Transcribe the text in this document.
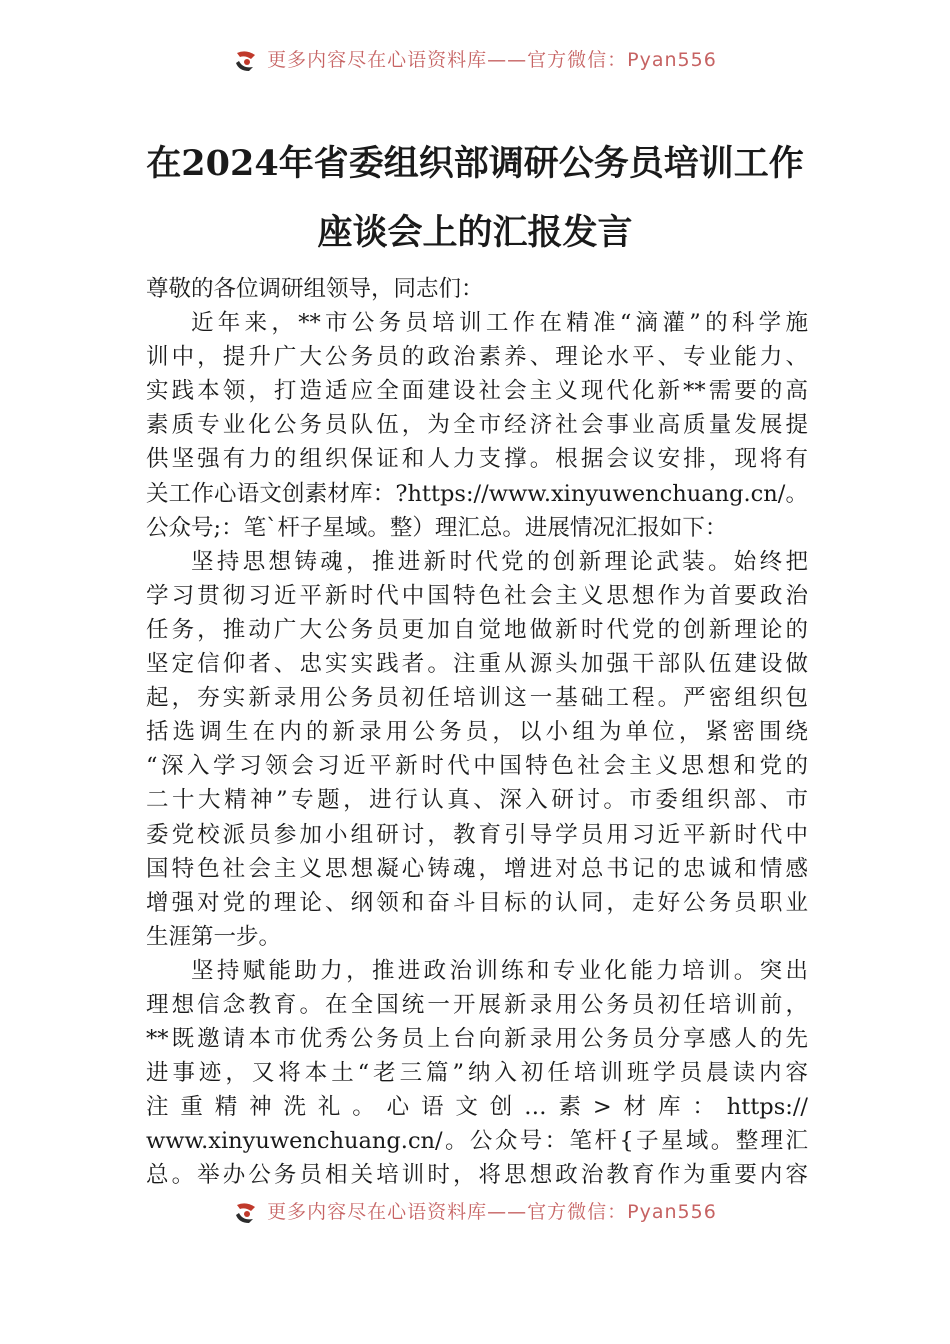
更多内容尽在心语资料库——官方微信：Pyan556
在2024年省委组织部调研公务员培训工作
座谈会上的汇报发言
尊敬的各位调研组领导，同志们：
近年来，**市公务员培训工作在精准“滴灌”的科学施
训中，提升广大公务员的政治素养、理论水平、专业能力、
实践本领，打造适应全面建设社会主义现代化新**需要的高
素质专业化公务员队伍，为全市经济社会事业高质量发展提
供坚强有力的组织保证和人力支撑。根据会议安排，现将有
关工作心语文创素材库：?https://www.xinyuwenchuang.cn/。
公众号;：笔`杆子星域。整）理汇总。进展情况汇报如下：
坚持思想铸魂，推进新时代党的创新理论武装。始终把
学习贯彻习近平新时代中国特色社会主义思想作为首要政治
任务，推动广大公务员更加自觉地做新时代党的创新理论的
坚定信仰者、忠实实践者。注重从源头加强干部队伍建设做
起，夯实新录用公务员初任培训这一基础工程。严密组织包
括选调生在内的新录用公务员，以小组为单位，紧密围绕
“深入学习领会习近平新时代中国特色社会主义思想和党的
二十大精神”专题，进行认真、深入研讨。市委组织部、市
委党校派员参加小组研讨，教育引导学员用习近平新时代中
国特色社会主义思想凝心铸魂，增进对总书记的忠诚和情感
增强对党的理论、纲领和奋斗目标的认同，走好公务员职业
生涯第一步。
坚持赋能助力，推进政治训练和专业化能力培训。突出
理想信念教育。在全国统一开展新录用公务员初任培训前，
**既邀请本市优秀公务员上台向新录用公务员分享感人的先
进事迹，又将本土“老三篇”纳入初任培训班学员晨读内容
注重精神洗礼。心语文创…素>材库：https://
www.xinyuwenchuang.cn/。公众号：笔杆{子星域。整理汇
总。举办公务员相关培训时，将思想政治教育作为重要内容
更多内容尽在心语资料库——官方微信：Pyan556
